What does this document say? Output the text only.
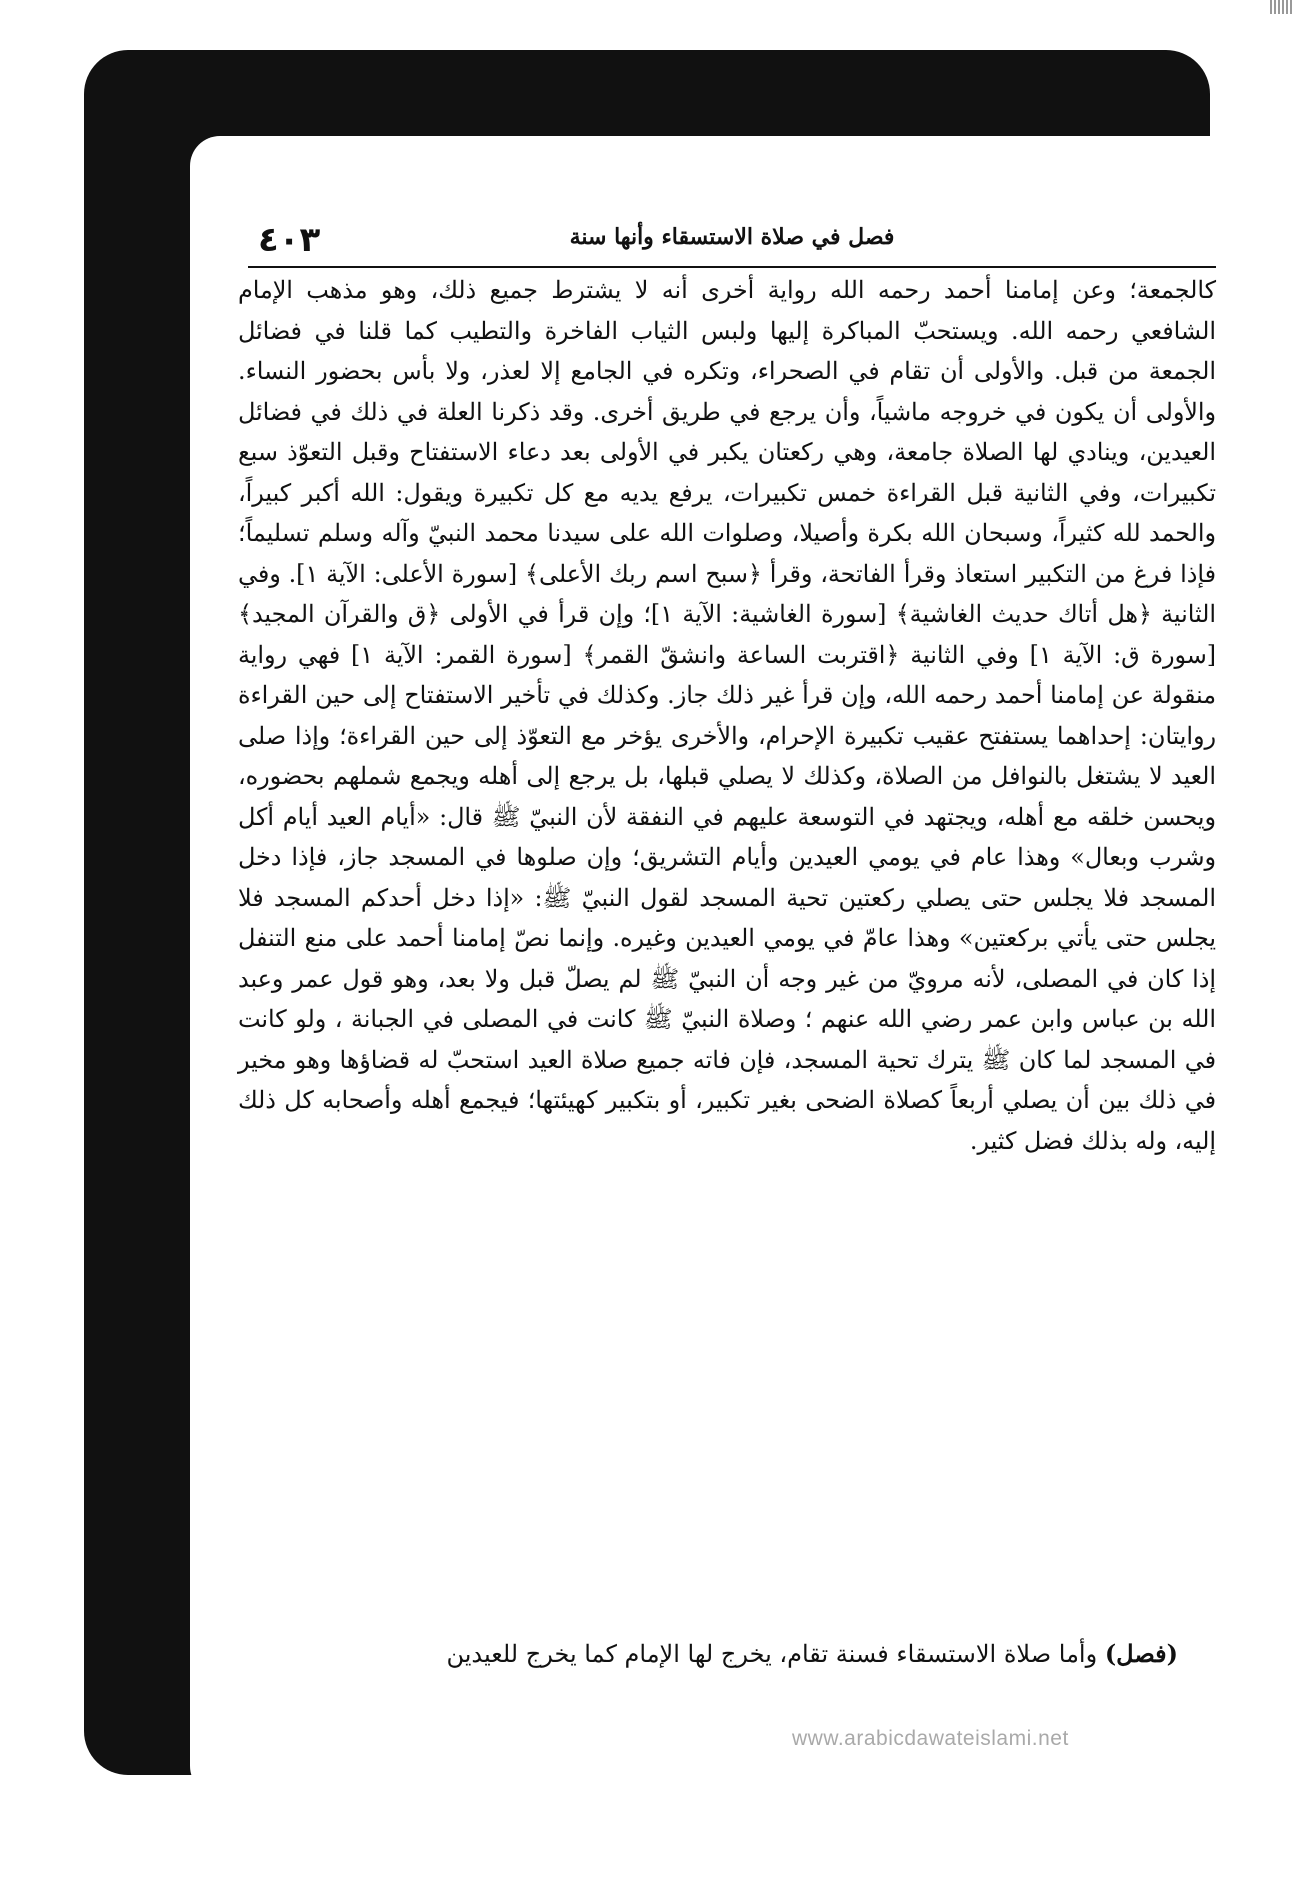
٤٠٣	فصل في صلاة الاستسقاء وأنها سنة

كالجمعة؛ وعن إمامنا أحمد رحمه الله رواية أخرى أنه لا يشترط جميع ذلك، وهو مذهب الإمام الشافعي رحمه الله. ويستحبّ المباكرة إليها ولبس الثياب الفاخرة والتطيب كما قلنا في فضائل الجمعة من قبل. والأولى أن تقام في الصحراء، وتكره في الجامع إلا لعذر، ولا بأس بحضور النساء. والأولى أن يكون في خروجه ماشياً، وأن يرجع في طريق أخرى. وقد ذكرنا العلة في ذلك في فضائل العيدين، وينادي لها الصلاة جامعة، وهي ركعتان يكبر في الأولى بعد دعاء الاستفتاح وقبل التعوّذ سبع تكبيرات، وفي الثانية قبل القراءة خمس تكبيرات، يرفع يديه مع كل تكبيرة ويقول: الله أكبر كبيراً، والحمد لله كثيراً، وسبحان الله بكرة وأصيلا، وصلوات الله على سيدنا محمد النبيّ وآله وسلم تسليماً؛ فإذا فرغ من التكبير استعاذ وقرأ الفاتحة، وقرأ ﴿سبح اسم ربك الأعلى﴾ [سورة الأعلى: الآية ١]. وفي الثانية ﴿هل أتاك حديث الغاشية﴾ [سورة الغاشية: الآية ١]؛ وإن قرأ في الأولى ﴿ق والقرآن المجيد﴾ [سورة ق: الآية ١] وفي الثانية ﴿اقتربت الساعة وانشقّ القمر﴾ [سورة القمر: الآية ١] فهي رواية منقولة عن إمامنا أحمد رحمه الله، وإن قرأ غير ذلك جاز. وكذلك في تأخير الاستفتاح إلى حين القراءة روايتان: إحداهما يستفتح عقيب تكبيرة الإحرام، والأخرى يؤخر مع التعوّذ إلى حين القراءة؛ وإذا صلى العيد لا يشتغل بالنوافل من الصلاة، وكذلك لا يصلي قبلها، بل يرجع إلى أهله ويجمع شملهم بحضوره، ويحسن خلقه مع أهله، ويجتهد في التوسعة عليهم في النفقة لأن النبيّ ﷺ قال: «أيام العيد أيام أكل وشرب وبعال» وهذا عام في يومي العيدين وأيام التشريق؛ وإن صلوها في المسجد جاز، فإذا دخل المسجد فلا يجلس حتى يصلي ركعتين تحية المسجد لقول النبيّ ﷺ: «إذا دخل أحدكم المسجد فلا يجلس حتى يأتي بركعتين» وهذا عامّ في يومي العيدين وغيره. وإنما نصّ إمامنا أحمد على منع التنفل إذا كان في المصلى، لأنه مرويّ من غير وجه أن النبيّ ﷺ لم يصلّ قبل ولا بعد، وهو قول عمر وعبد الله بن عباس وابن عمر رضي الله عنهم ؛ وصلاة النبيّ ﷺ كانت في المصلى في الجبانة ، ولو كانت في المسجد لما كان ﷺ يترك تحية المسجد، فإن فاته جميع صلاة العيد استحبّ له قضاؤها وهو مخير في ذلك بين أن يصلي أربعاً كصلاة الضحى بغير تكبير، أو بتكبير كهيئتها؛ فيجمع أهله وأصحابه كل ذلك إليه، وله بذلك فضل كثير.

(فصل) وأما صلاة الاستسقاء فسنة تقام، يخرج لها الإمام كما يخرج للعيدين
www.arabicdawateislami.net
